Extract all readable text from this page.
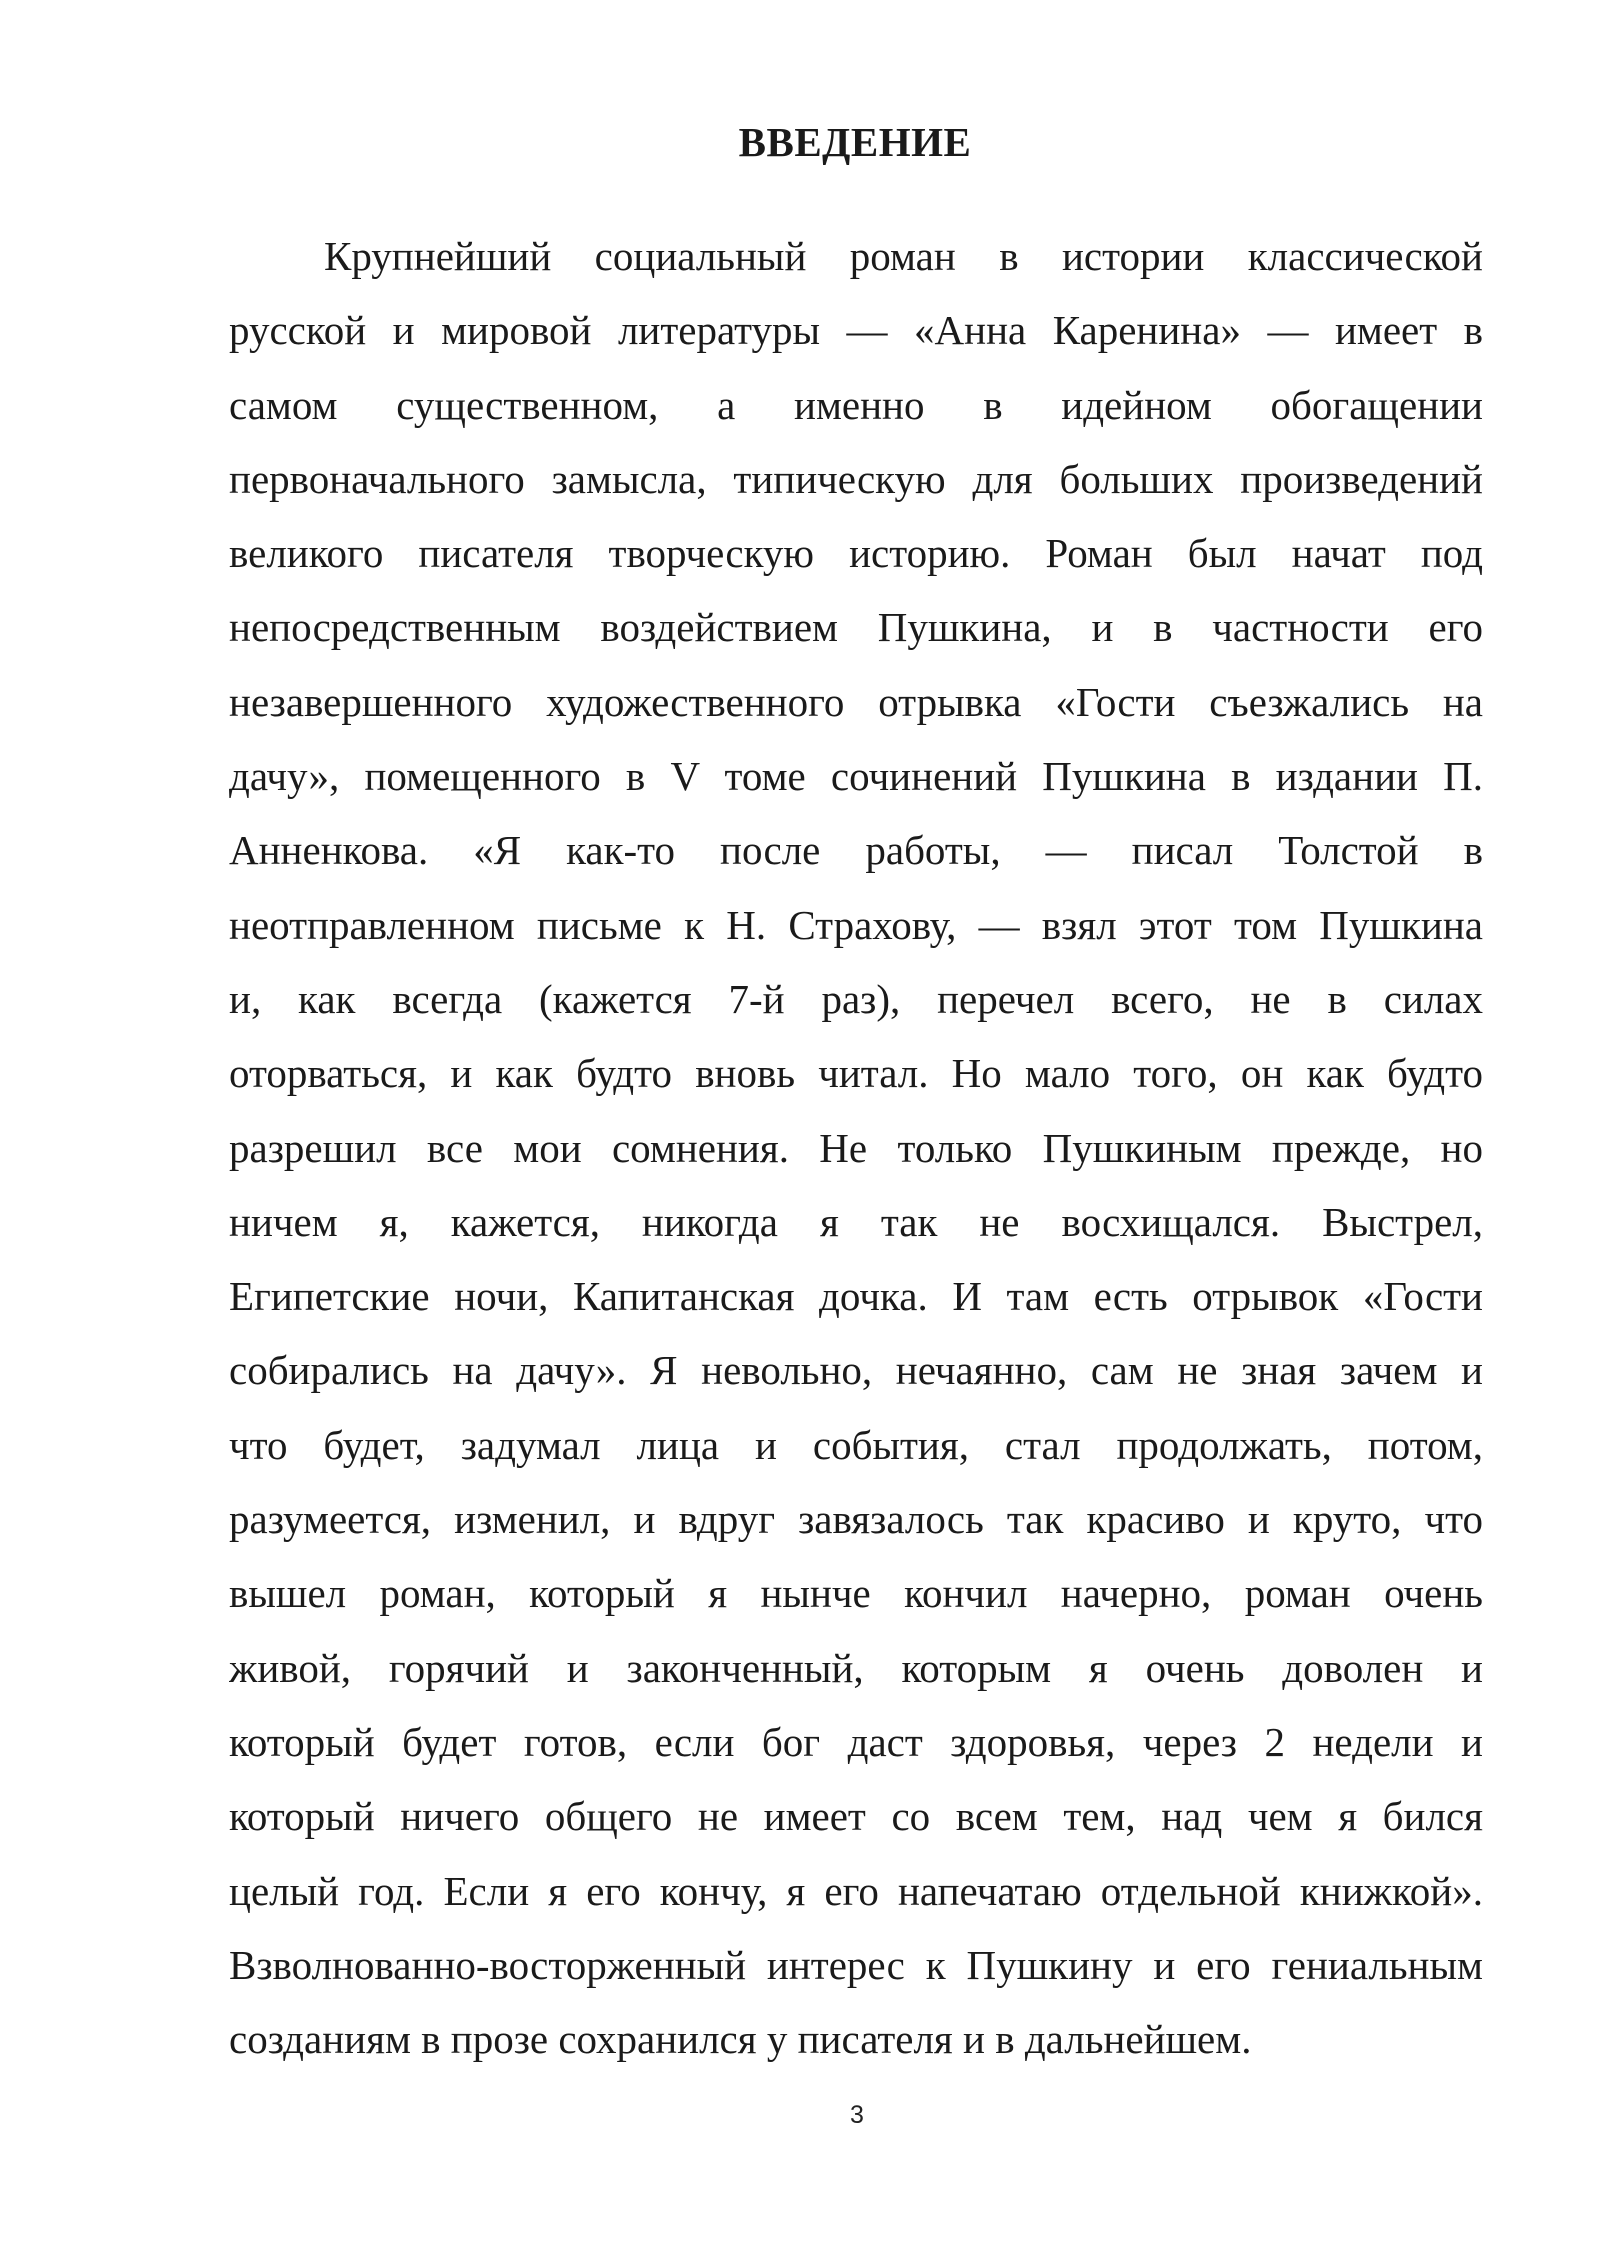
ВВЕДЕНИЕ
Крупнейший социальный роман в истории классической
русской и мировой литературы — «Анна Каренина» — имеет в
самом существенном, а именно в идейном обогащении
первоначального замысла, типическую для больших произведений
великого писателя творческую историю. Роман был начат под
непосредственным воздействием Пушкина, и в частности его
незавершенного художественного отрывка «Гости съезжались на
дачу», помещенного в V томе сочинений Пушкина в издании П.
Анненкова. «Я как-то после работы, — писал Толстой в
неотправленном письме к Н. Страхову, — взял этот том Пушкина
и, как всегда (кажется 7-й раз), перечел всего, не в силах
оторваться, и как будто вновь читал. Но мало того, он как будто
разрешил все мои сомнения. Не только Пушкиным прежде, но
ничем я, кажется, никогда я так не восхищался. Выстрел,
Египетские ночи, Капитанская дочка. И там есть отрывок «Гости
собирались на дачу». Я невольно, нечаянно, сам не зная зачем и
что будет, задумал лица и события, стал продолжать, потом,
разумеется, изменил, и вдруг завязалось так красиво и круто, что
вышел роман, который я нынче кончил начерно, роман очень
живой, горячий и законченный, которым я очень доволен и
который будет готов, если бог даст здоровья, через 2 недели и
который ничего общего не имеет со всем тем, над чем я бился
целый год. Если я его кончу, я его напечатаю отдельной книжкой».
Взволнованно-восторженный интерес к Пушкину и его гениальным
созданиям в прозе сохранился у писателя и в дальнейшем.
3
